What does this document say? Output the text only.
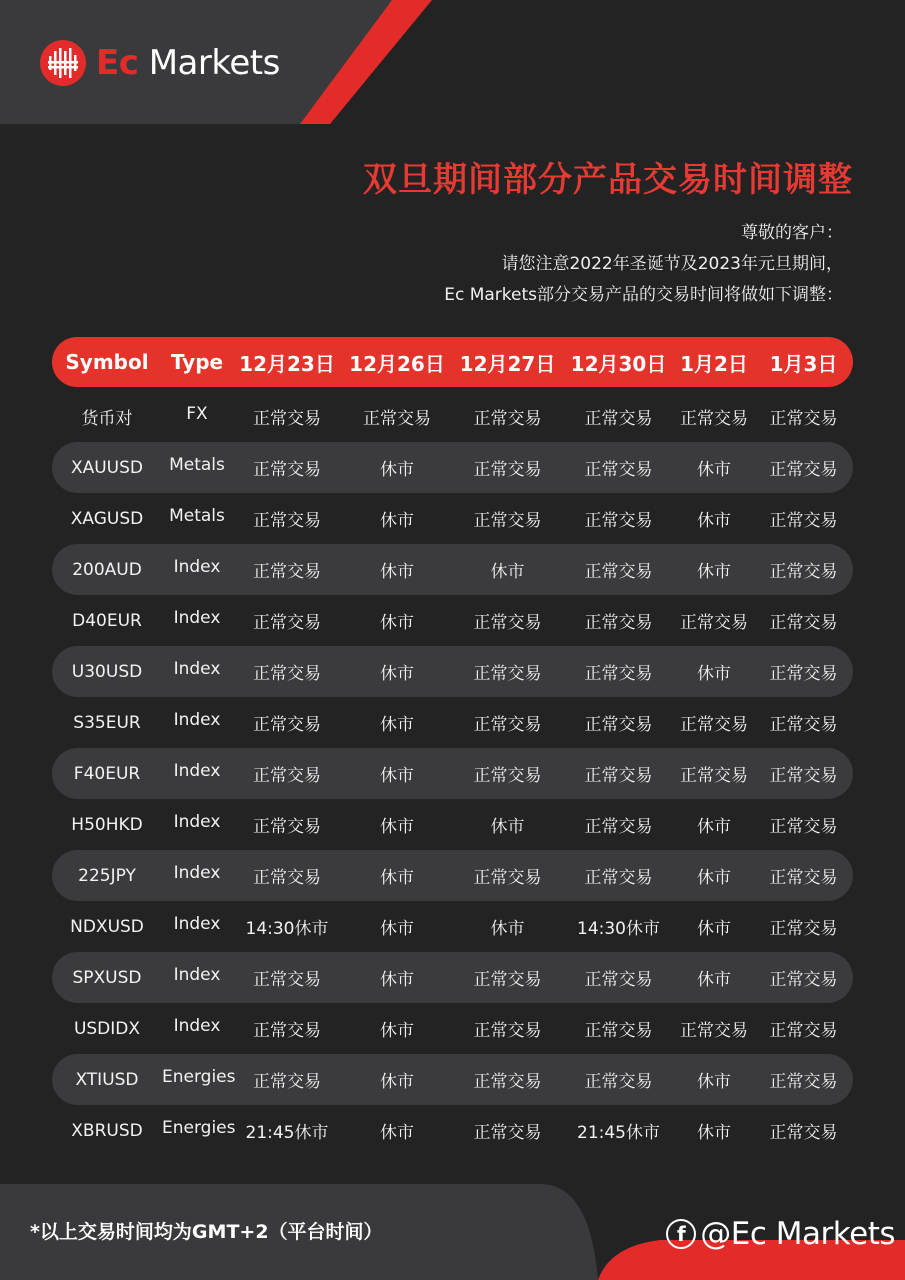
Ec Markets
双旦期间部分产品交易时间调整
尊敬的客户：
请您注意2022年圣诞节及2023年元旦期间，
Ec Markets部分交易产品的交易时间将做如下调整：
Symbol	Type 12月23日 12月26日 12月27日 12月30日 1月2日	1月3日
货币对	FX	正常交易	正常交易	正常交易	正常交易	正常交易	正常交易
XAUUSD	Metals	正常交易	休市	正常交易	正常交易	休市	正常交易
XAGUSD	Metals	正常交易	休市	正常交易	正常交易	休市	正常交易
200AUD	Index	正常交易	休市	休市	正常交易	休市	正常交易
D40EUR	Index	正常交易	休市	正常交易	正常交易	正常交易	正常交易
U30USD	Index	正常交易	休市	正常交易	正常交易	休市	正常交易
S35EUR	Index	正常交易	休市	正常交易	正常交易	正常交易	正常交易
F40EUR	Index	正常交易	休市	正常交易	正常交易	正常交易	正常交易
H50HKD	Index	正常交易	休市	休市	正常交易	休市	正常交易
225JPY	Index	正常交易	休市	正常交易	正常交易	休市	正常交易
NDXUSD	Index	14:30休市	休市	休市	14:30休市	休市	正常交易
SPXUSD	Index	正常交易	休市	正常交易	正常交易	休市	正常交易
USDIDX	Index	正常交易	休市	正常交易	正常交易	正常交易	正常交易
XTIUSD	Energies	正常交易	休市	正常交易	正常交易	休市	正常交易
XBRUSD	Energies 21:45休市	休市	正常交易	21:45休市	休市	正常交易
*以上交易时间均为GMT+2（平台时间）	f @Ec Markets
